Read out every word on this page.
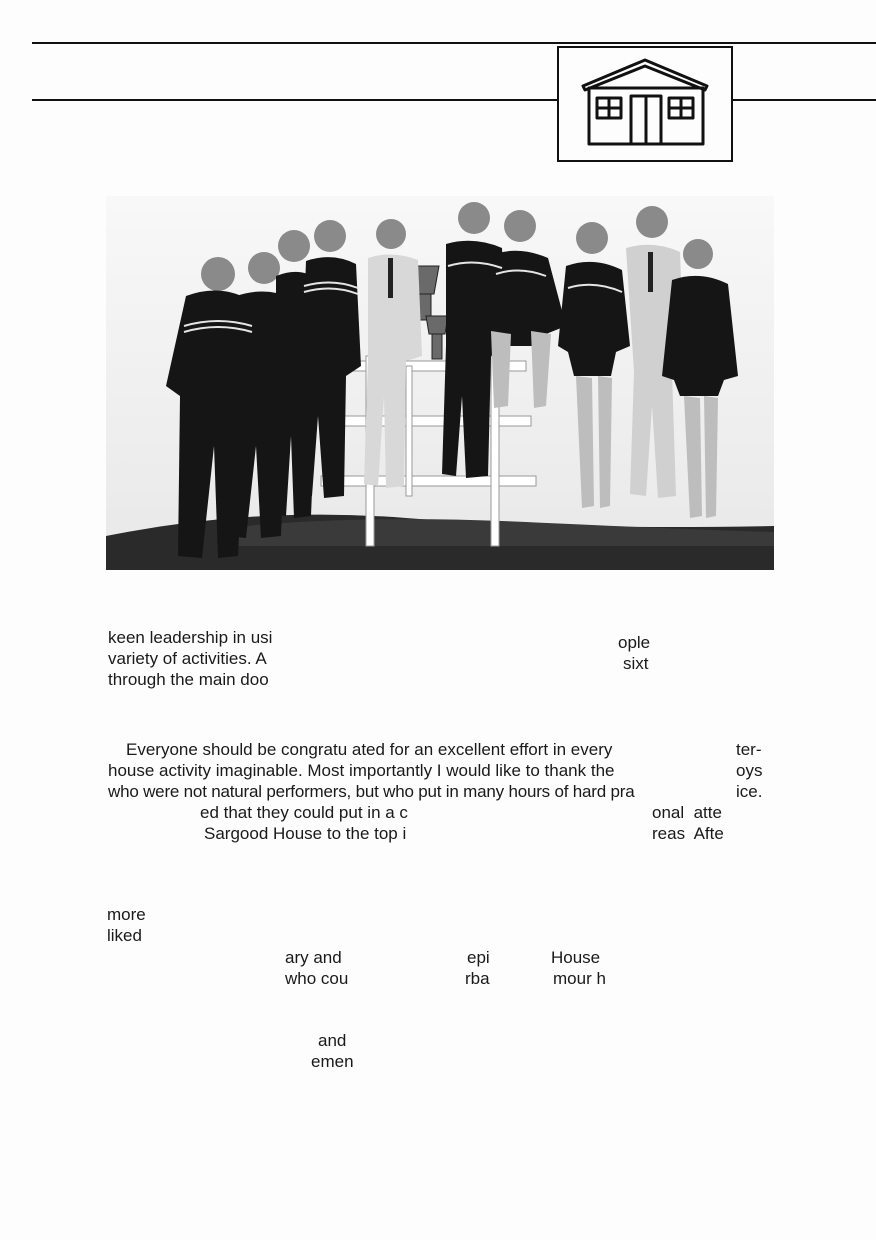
keen leadership in usi
variety of activities. A
through the main doo
ople
sixt
Everyone should be congratu ated for an excellent effort in every
house activity imaginable. Most importantly I would like to thank the
who were not natural performers, but who put in many hours of hard pra
ter-
oys
ice.
ed that they could put in a c
Sargood House to the top i
onal  atte
reas  Afte
more
liked
ary and
who cou
epi
rba
House
mour h
and
emen
